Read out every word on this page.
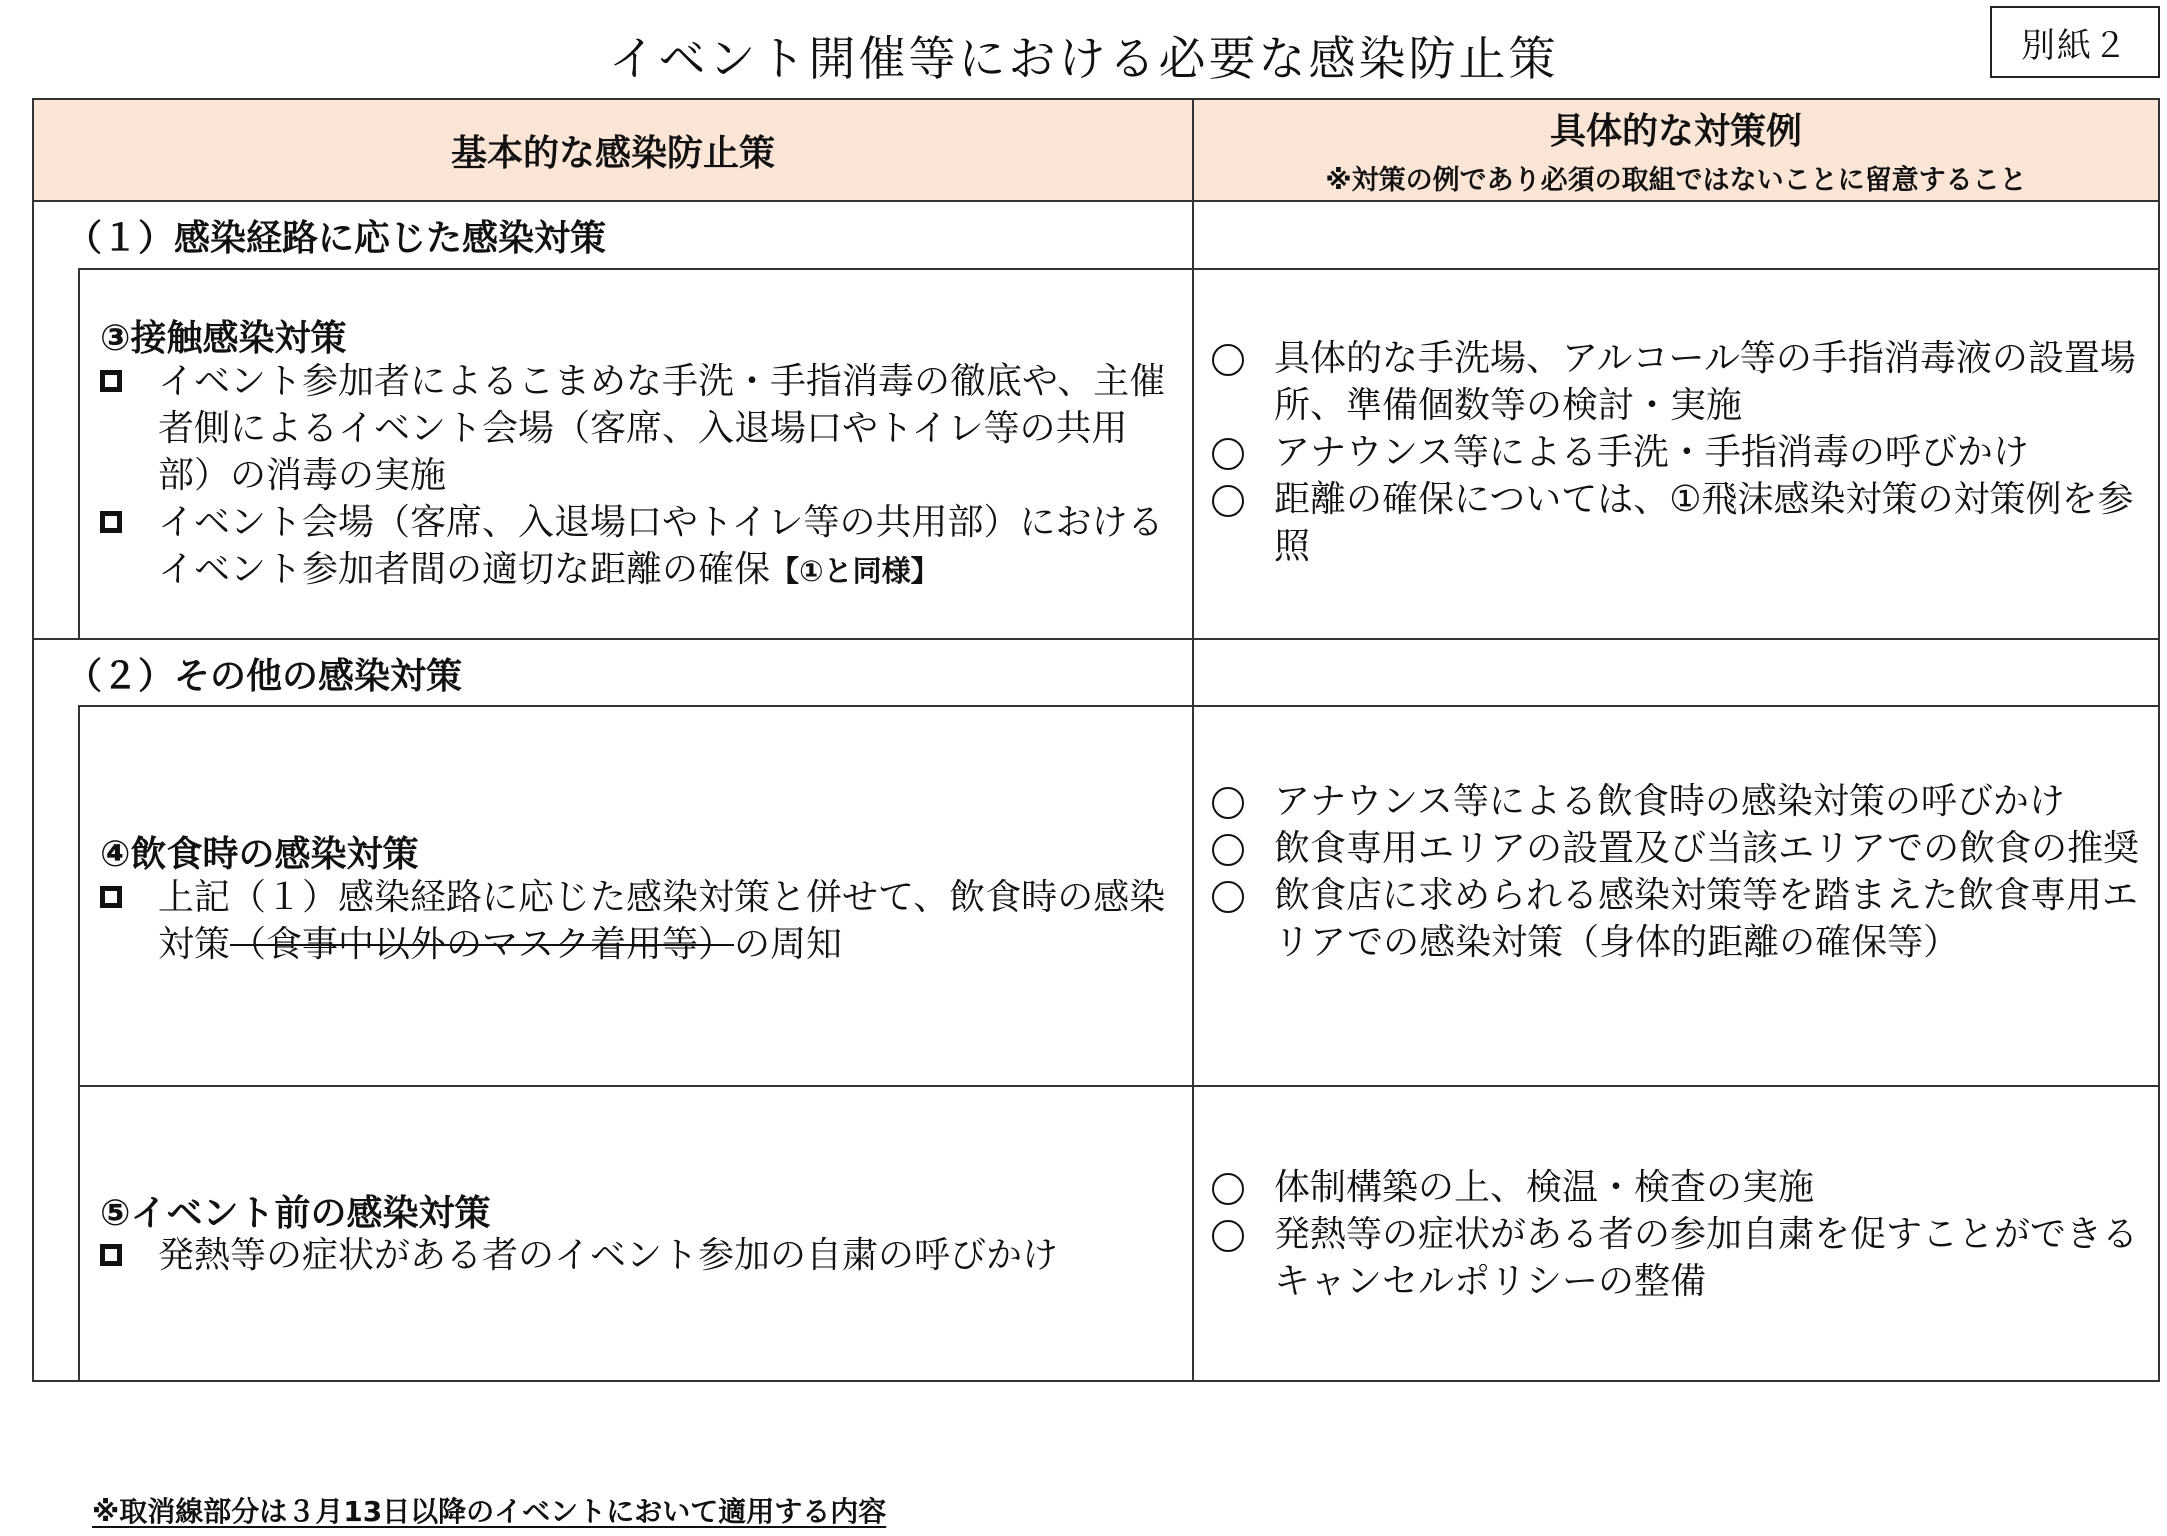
イベント開催等における必要な感染防止策	別紙２
基本的な感染防止策
具体的な対策例
※対策の例であり必須の取組ではないことに留意すること
（１）感染経路に応じた感染対策
（２）その他の感染対策
③接触感染対策
イベント参加者によるこまめな手洗・手指消毒の徹底や、主催者側によるイベント会場（客席、入退場口やトイレ等の共用部）の消毒の実施
イベント会場（客席、入退場口やトイレ等の共用部）におけるイベント参加者間の適切な距離の確保【①と同様】
具体的な手洗場、アルコール等の手指消毒液の設置場所、準備個数等の検討・実施
アナウンス等による手洗・手指消毒の呼びかけ
距離の確保については、①飛沫感染対策の対策例を参照
④飲食時の感染対策
上記（１）感染経路に応じた感染対策と併せて、飲食時の感染対策（食事中以外のマスク着用等）の周知
アナウンス等による飲食時の感染対策の呼びかけ
飲食専用エリアの設置及び当該エリアでの飲食の推奨
飲食店に求められる感染対策等を踏まえた飲食専用エリアでの感染対策（身体的距離の確保等）
⑤イベント前の感染対策
発熱等の症状がある者のイベント参加の自粛の呼びかけ
体制構築の上、検温・検査の実施
発熱等の症状がある者の参加自粛を促すことができるキャンセルポリシーの整備
※取消線部分は３月13日以降のイベントにおいて適用する内容
